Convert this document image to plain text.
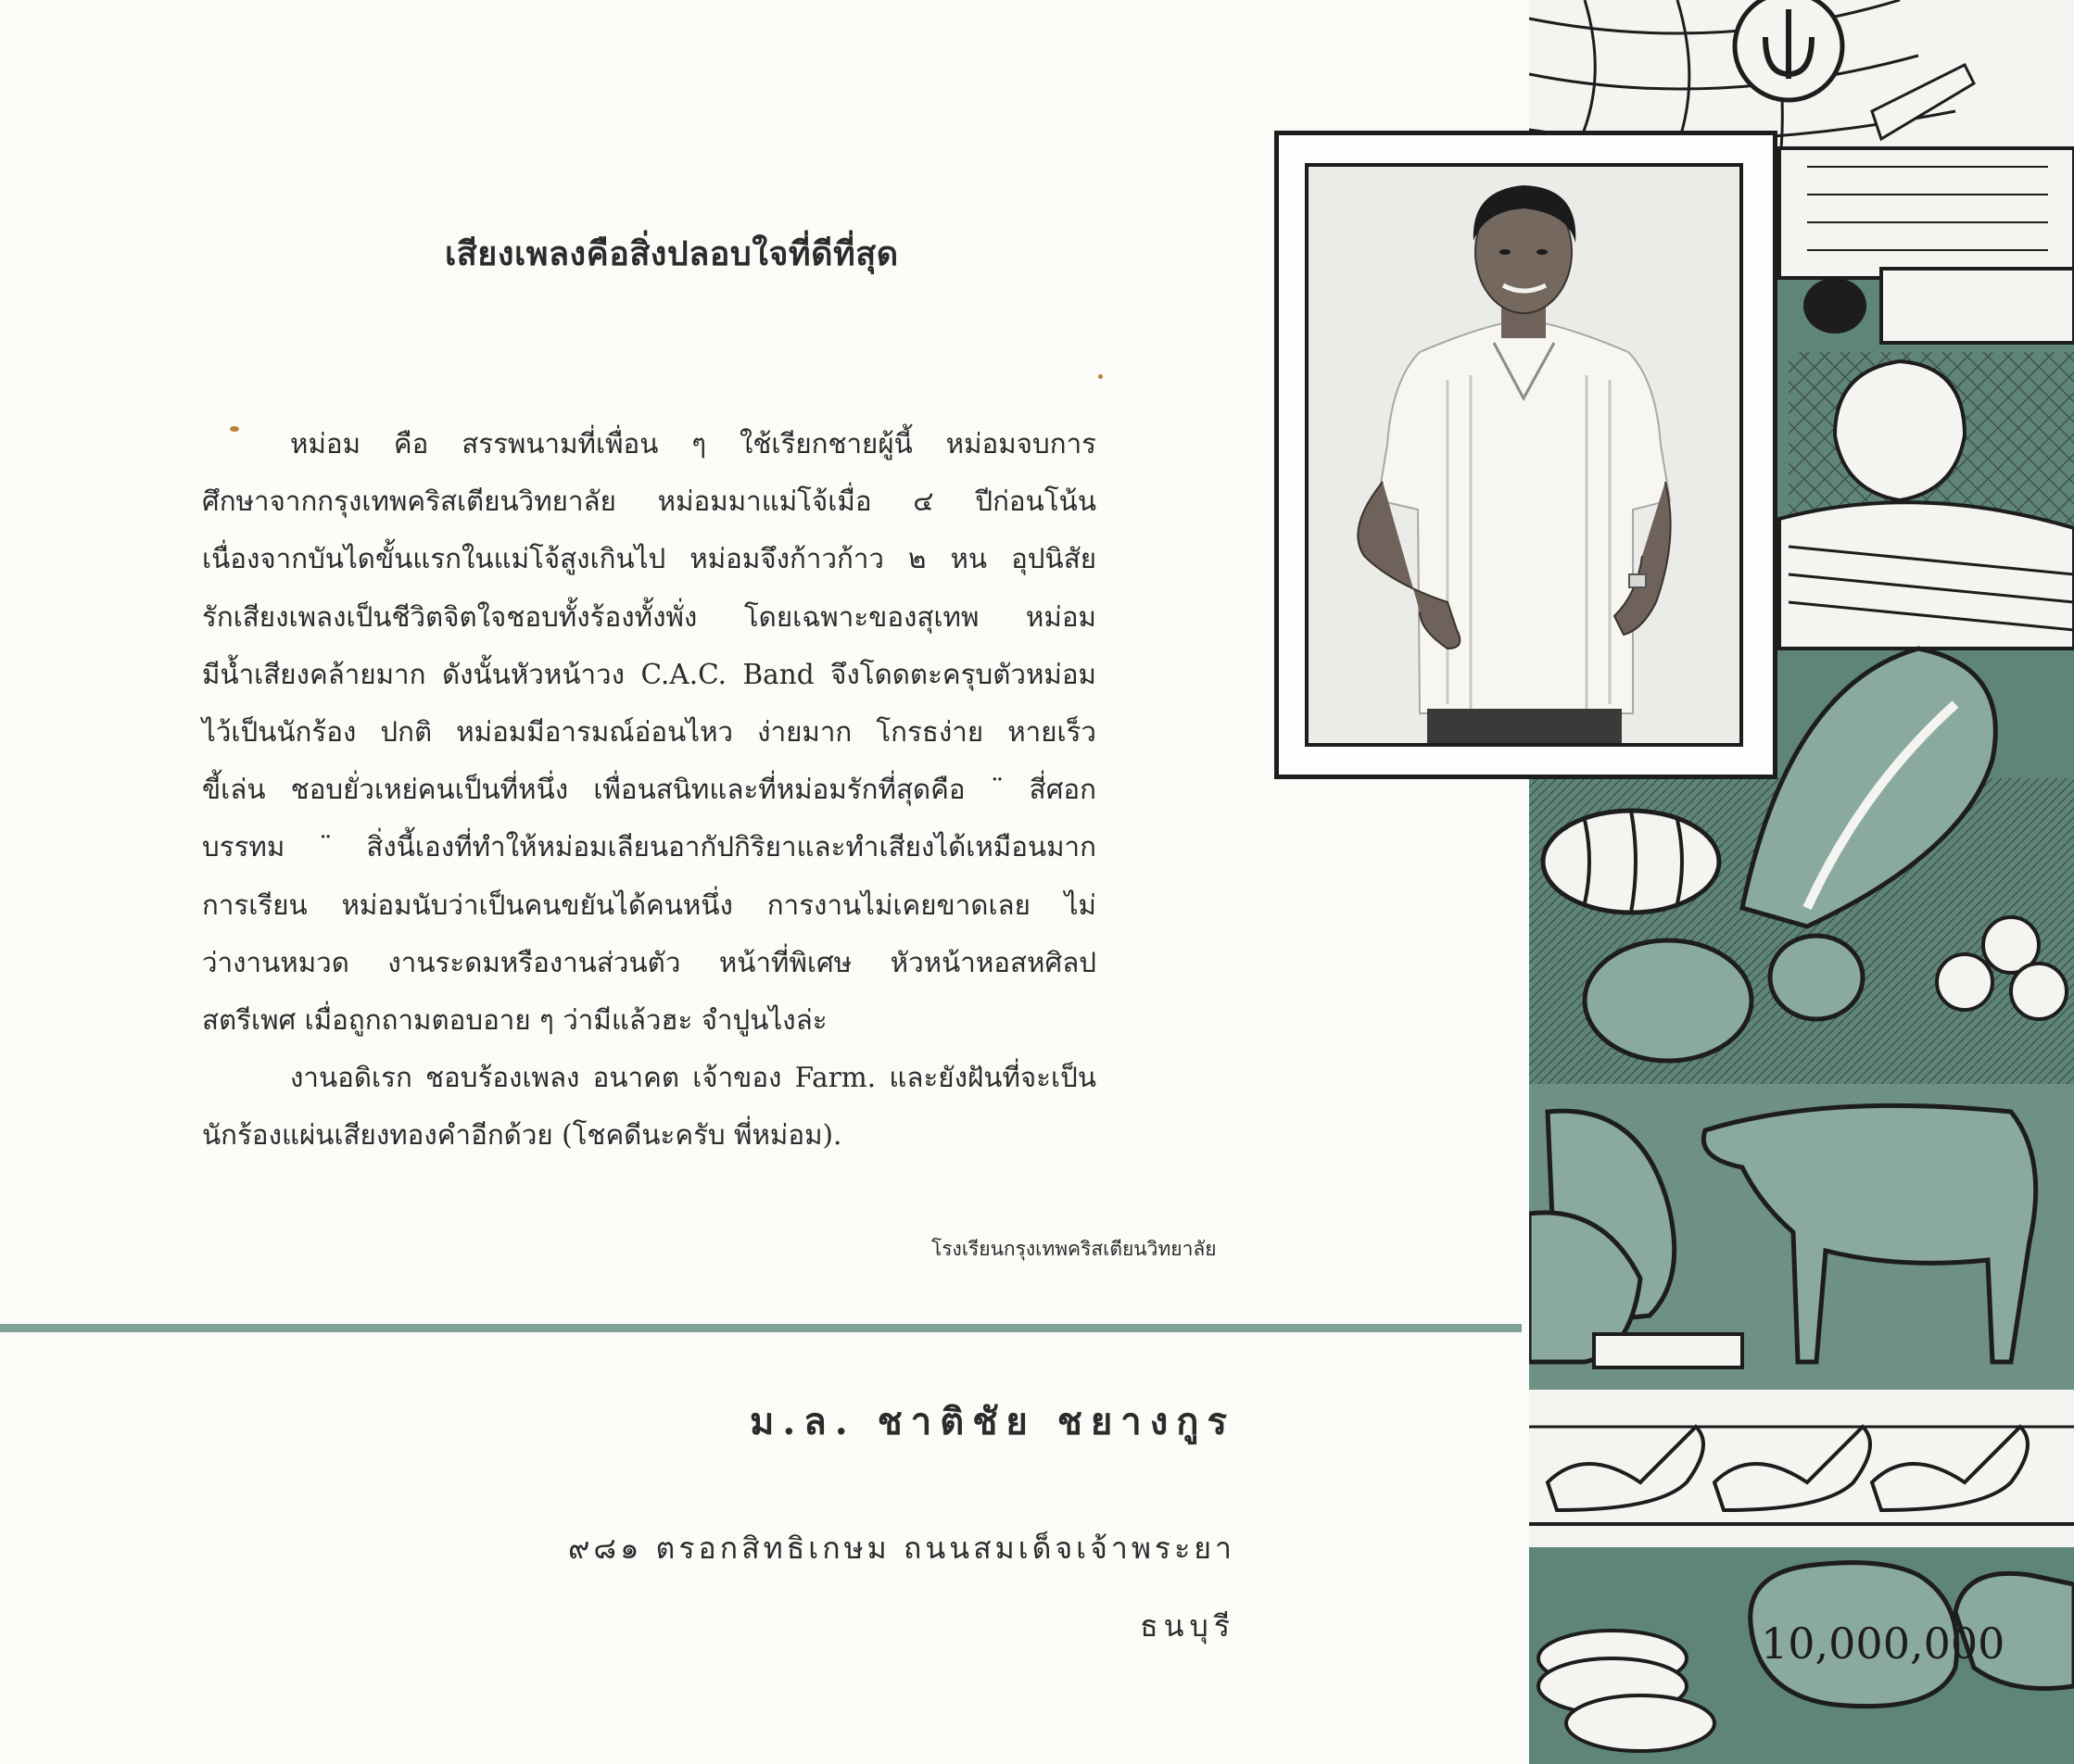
เสียงเพลงคือสิ่งปลอบใจที่ดีที่สุด
หม่อม คือ สรรพนามที่เพื่อน ๆ ใช้เรียกชายผู้นี้ หม่อมจบการ
ศึกษาจากกรุงเทพคริสเตียนวิทยาลัย หม่อมมาแม่โจ้เมื่อ ๔ ปีก่อนโน้น
เนื่องจากบันไดขั้นแรกในแม่โจ้สูงเกินไป หม่อมจึงก้าวก้าว ๒ หน อุปนิสัย
รักเสียงเพลงเป็นชีวิตจิตใจชอบทั้งร้องทั้งพั่ง โดยเฉพาะของสุเทพ หม่อม
มีน้ำเสียงคล้ายมาก ดังนั้นหัวหน้าวง C.A.C. Band จึงโดดตะครุบตัวหม่อม
ไว้เป็นนักร้อง ปกติ หม่อมมีอารมณ์อ่อนไหว ง่ายมาก โกรธง่าย หายเร็ว
ขี้เล่น ชอบยั่วเหย่คนเป็นที่หนึ่ง เพื่อนสนิทและที่หม่อมรักที่สุดคือ ¨ สี่ศอก
บรรทม ¨ สิ่งนี้เองที่ทำให้หม่อมเลียนอากัปกิริยาและทำเสียงได้เหมือนมาก
การเรียน หม่อมนับว่าเป็นคนขยันได้คนหนึ่ง การงานไม่เคยขาดเลย ไม่
ว่างานหมวด งานระดมหรืองานส่วนตัว หน้าที่พิเศษ หัวหน้าหอสหศิลป
สตรีเพศ เมื่อถูกถามตอบอาย ๆ ว่ามีแล้วฮะ จำปูนไงล่ะ
งานอดิเรก ชอบร้องเพลง อนาคต เจ้าของ Farm. และยังฝันที่จะเป็น
นักร้องแผ่นเสียงทองคำอีกด้วย (โชคดีนะครับ พี่หม่อม).
โรงเรียนกรุงเทพคริสเตียนวิทยาลัย
ม.ล. ชาติชัย ชยางกูร
๙๘๑ ตรอกสิทธิเกษม ถนนสมเด็จเจ้าพระยา
ธนบุรี	10,000,000
